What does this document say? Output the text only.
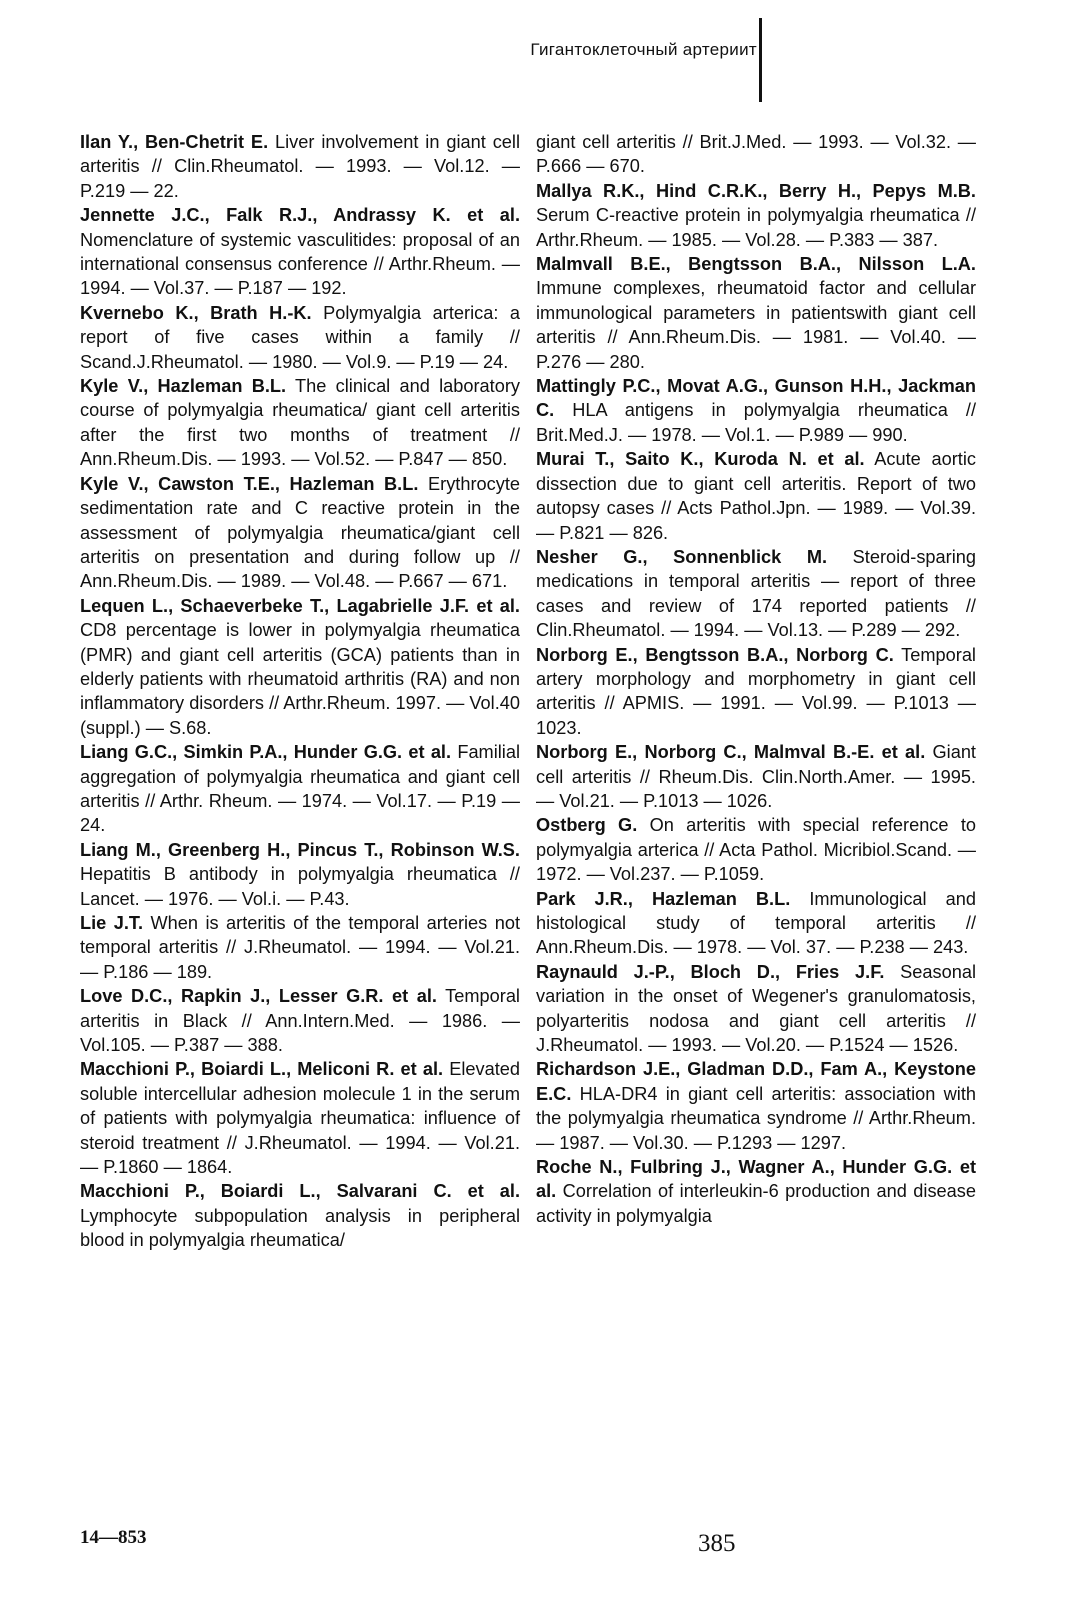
Гигантоклеточный артериит

Ilan Y., Ben-Chetrit E. Liver involvement in giant cell arteritis // Clin.Rheumatol. — 1993. — Vol.12. — P.219 — 22.

Jennette J.C., Falk R.J., Andrassy K. et al. Nomenclature of systemic vasculitides: proposal of an international consensus conference // Arthr.Rheum. — 1994. — Vol.37. — P.187 — 192.

Kvernebo K., Brath H.-K. Polymyalgia arterica: a report of five cases within a family // Scand.J.Rheumatol. — 1980. — Vol.9. — P.19 — 24.

Kyle V., Hazleman B.L. The clinical and laboratory course of polymyalgia rheumatica/ giant cell arteritis after the first two months of treatment // Ann.Rheum.Dis. — 1993. — Vol.52. — P.847 — 850.

Kyle V., Cawston T.E., Hazleman B.L. Erythrocyte sedimentation rate and C reactive protein in the assessment of polymyalgia rheumatica/giant cell arteritis on presentation and during follow up // Ann.Rheum.Dis. — 1989. — Vol.48. — P.667 — 671.

Lequen L., Schaeverbeke T., Lagabrielle J.F. et al. CD8 percentage is lower in polymyalgia rheumatica (PMR) and giant cell arteritis (GCA) patients than in elderly patients with rheumatoid arthritis (RA) and non inflammatory disorders // Arthr.Rheum. 1997. — Vol.40 (suppl.) — S.68.

Liang G.C., Simkin P.A., Hunder G.G. et al. Familial aggregation of polymyalgia rheumatica and giant cell arteritis // Arthr. Rheum. — 1974. — Vol.17. — P.19 — 24.

Liang M., Greenberg H., Pincus T., Robinson W.S. Hepatitis B antibody in polymyalgia rheumatica // Lancet. — 1976. — Vol.i. — P.43.

Lie J.T. When is arteritis of the temporal arteries not temporal arteritis // J.Rheumatol. — 1994. — Vol.21. — P.186 — 189.

Love D.C., Rapkin J., Lesser G.R. et al. Temporal arteritis in Black // Ann.Intern.Med. — 1986. — Vol.105. — P.387 — 388.

Macchioni P., Boiardi L., Meliconi R. et al. Elevated soluble intercellular adhesion molecule 1 in the serum of patients with polymyalgia rheumatica: influence of steroid treatment // J.Rheumatol. — 1994. — Vol.21. — P.1860 — 1864.

Macchioni P., Boiardi L., Salvarani C. et al. Lymphocyte subpopulation analysis in peripheral blood in polymyalgia rheumatica/

giant cell arteritis // Brit.J.Med. — 1993. — Vol.32. — P.666 — 670.

Mallya R.K., Hind C.R.K., Berry H., Pepys M.B. Serum C-reactive protein in polymyalgia rheumatica // Arthr.Rheum. — 1985. — Vol.28. — P.383 — 387.

Malmvall B.E., Bengtsson B.A., Nilsson L.A. Immune complexes, rheumatoid factor and cellular immunological parameters in patientswith giant cell arteritis // Ann.Rheum.Dis. — 1981. — Vol.40. — P.276 — 280.

Mattingly P.C., Movat A.G., Gunson H.H., Jackman C. HLA antigens in polymyalgia rheumatica // Brit.Med.J. — 1978. — Vol.1. — P.989 — 990.

Murai T., Saito K., Kuroda N. et al. Acute aortic dissection due to giant cell arteritis. Report of two autopsy cases // Acts Pathol.Jpn. — 1989. — Vol.39. — P.821 — 826.

Nesher G., Sonnenblick M. Steroid-sparing medications in temporal arteritis — report of three cases and review of 174 reported patients // Clin.Rheumatol. — 1994. — Vol.13. — P.289 — 292.

Norborg E., Bengtsson B.A., Norborg C. Temporal artery morphology and morphometry in giant cell arteritis // APMIS. — 1991. — Vol.99. — P.1013 — 1023.

Norborg E., Norborg C., Malmval B.-E. et al. Giant cell arteritis // Rheum.Dis. Clin.North.Amer. — 1995. — Vol.21. — P.1013 — 1026.

Ostberg G. On arteritis with special reference to polymyalgia arterica // Acta Pathol. Micribiol.Scand. — 1972. — Vol.237. — P.1059.

Park J.R., Hazleman B.L. Immunological and histological study of temporal arteritis // Ann.Rheum.Dis. — 1978. — Vol. 37. — P.238 — 243.

Raynauld J.-P., Bloch D., Fries J.F. Seasonal variation in the onset of Wegener's granulomatosis, polyarteritis nodosa and giant cell arteritis // J.Rheumatol. — 1993. — Vol.20. — P.1524 — 1526.

Richardson J.E., Gladman D.D., Fam A., Keystone E.C. HLA-DR4 in giant cell arteritis: association with the polymyalgia rheumatica syndrome // Arthr.Rheum. — 1987. — Vol.30. — P.1293 — 1297.

Roche N., Fulbring J., Wagner A., Hunder G.G. et al. Correlation of interleukin-6 production and disease activity in polymyalgia

14—853	385
